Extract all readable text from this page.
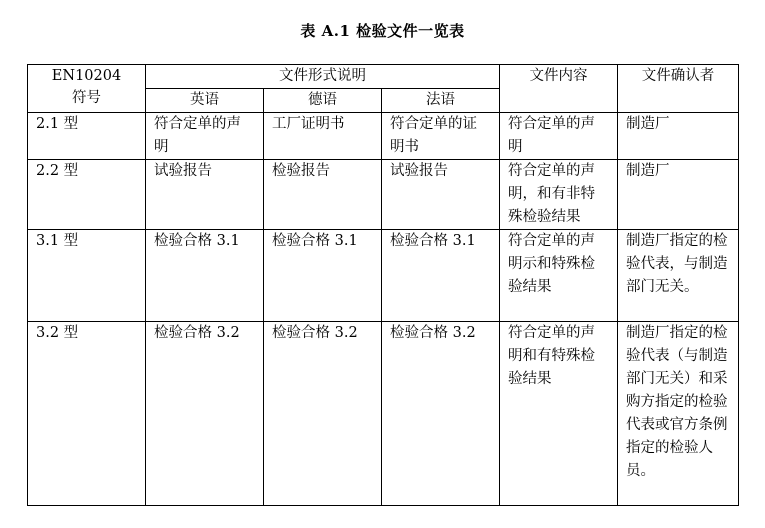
表 A.1 检验文件一览表
EN10204
符号	文件形式说明			文件内容	文件确认者
	英语	德语	法语		
2.1 型	符合定单的声明	工厂证明书	符合定单的证明书	符合定单的声明	制造厂
2.2 型	试验报告	检验报告	试验报告	符合定单的声明，和有非特殊检验结果	制造厂
3.1 型	检验合格 3.1	检验合格 3.1	检验合格 3.1	符合定单的声明示和特殊检验结果	制造厂指定的检验代表，与制造部门无关。
3.2 型	检验合格 3.2	检验合格 3.2	检验合格 3.2	符合定单的声明和有特殊检验结果	制造厂指定的检验代表（与制造部门无关）和采购方指定的检验代表或官方条例指定的检验人员。
